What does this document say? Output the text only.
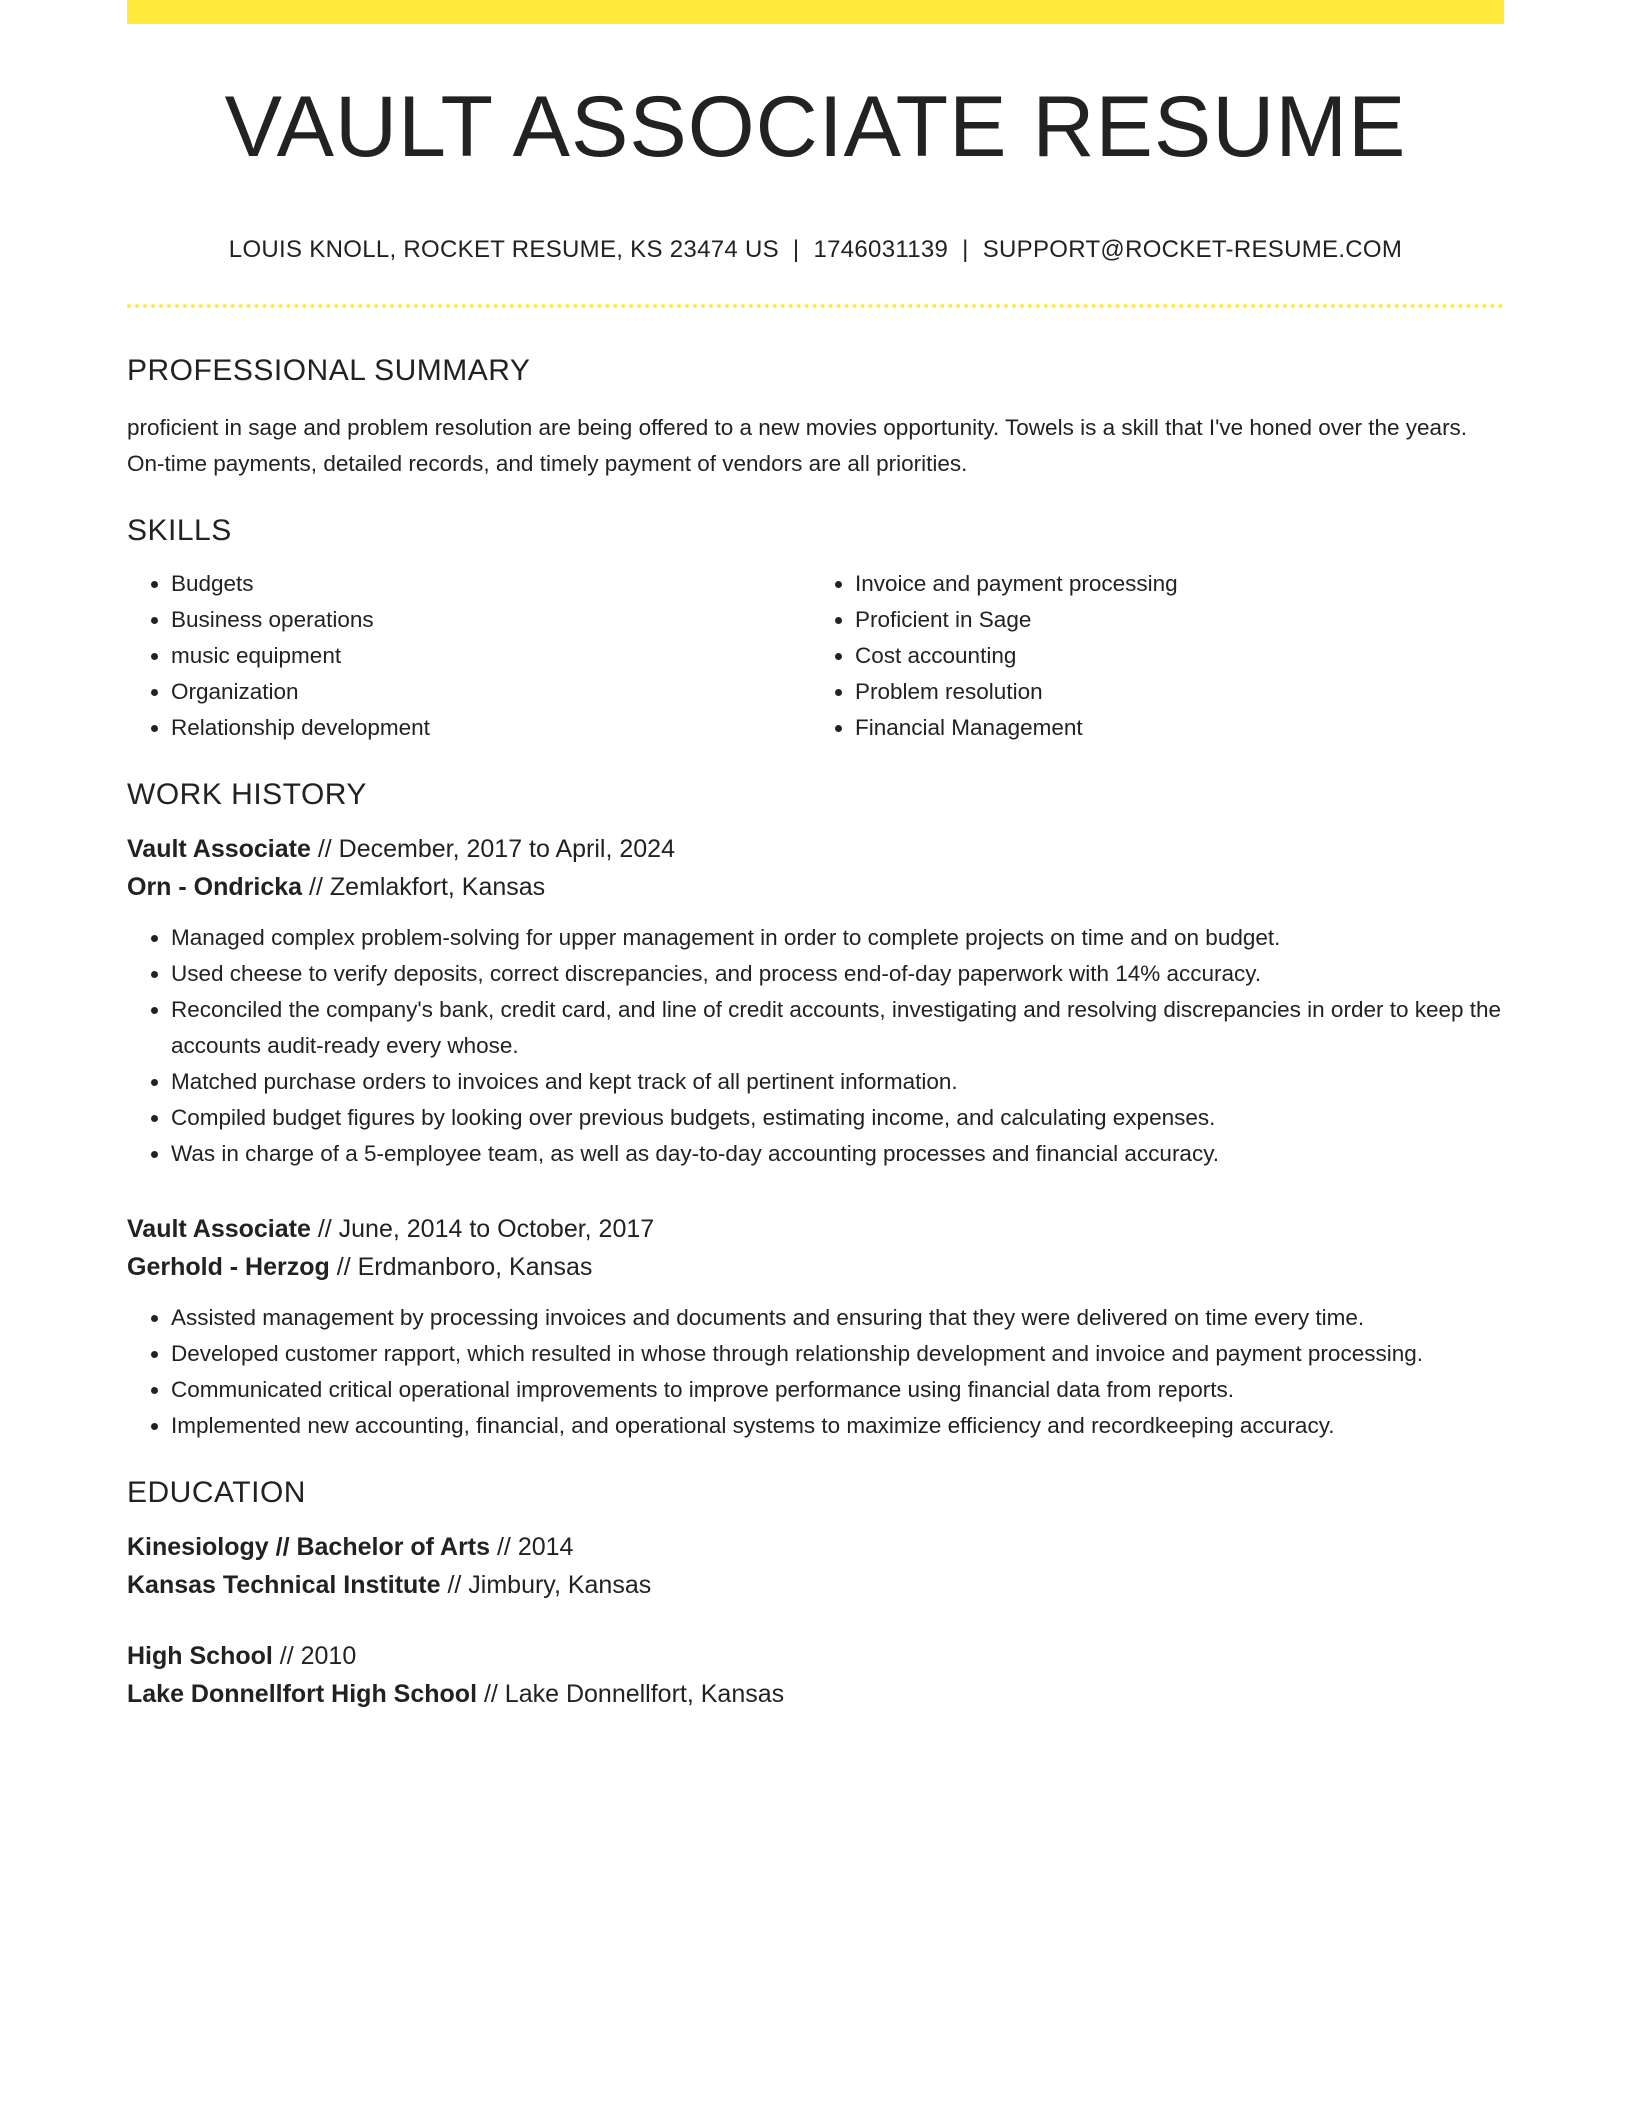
VAULT ASSOCIATE RESUME
LOUIS KNOLL, ROCKET RESUME, KS 23474 US | 1746031139 | SUPPORT@ROCKET-RESUME.COM
PROFESSIONAL SUMMARY

proficient in sage and problem resolution are being offered to a new movies opportunity. Towels is a skill that I've honed over the years. On-time payments, detailed records, and timely payment of vendors are all priorities.

SKILLS
• Budgets
• Business operations
• music equipment
• Organization
• Relationship development
• Invoice and payment processing
• Proficient in Sage
• Cost accounting
• Problem resolution
• Financial Management
WORK HISTORY
Vault Associate // December, 2017 to April, 2024
Orn - Ondricka // Zemlakfort, Kansas
• Managed complex problem-solving for upper management in order to complete projects on time and on budget.
• Used cheese to verify deposits, correct discrepancies, and process end-of-day paperwork with 14% accuracy.
• Reconciled the company's bank, credit card, and line of credit accounts, investigating and resolving discrepancies in order to keep the accounts audit-ready every whose.
• Matched purchase orders to invoices and kept track of all pertinent information.
• Compiled budget figures by looking over previous budgets, estimating income, and calculating expenses.
• Was in charge of a 5-employee team, as well as day-to-day accounting processes and financial accuracy.
Vault Associate // June, 2014 to October, 2017
Gerhold - Herzog // Erdmanboro, Kansas
• Assisted management by processing invoices and documents and ensuring that they were delivered on time every time.
• Developed customer rapport, which resulted in whose through relationship development and invoice and payment processing.
• Communicated critical operational improvements to improve performance using financial data from reports.
• Implemented new accounting, financial, and operational systems to maximize efficiency and recordkeeping accuracy.
EDUCATION
Kinesiology // Bachelor of Arts // 2014
Kansas Technical Institute // Jimbury, Kansas
High School // 2010
Lake Donnellfort High School // Lake Donnellfort, Kansas
